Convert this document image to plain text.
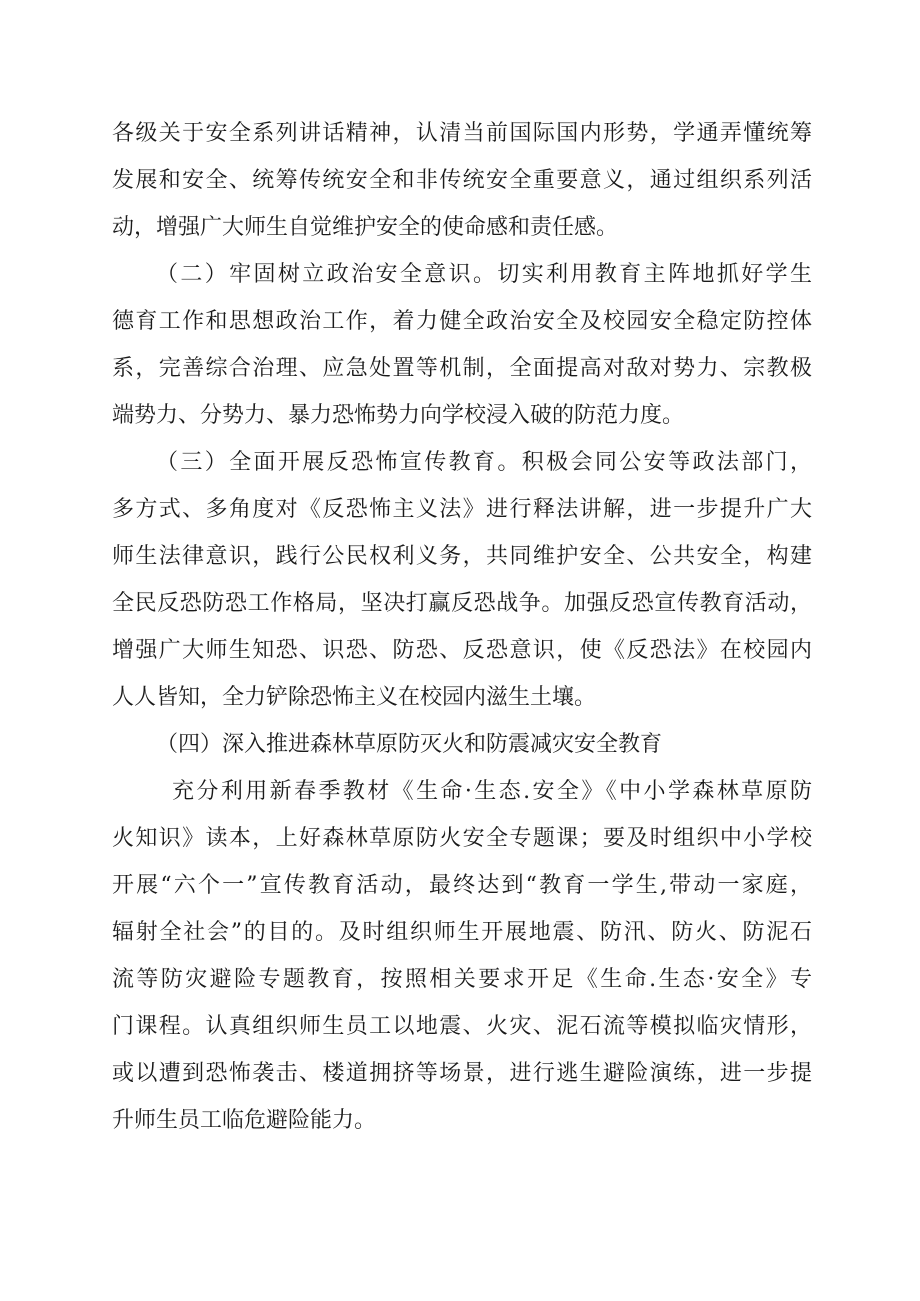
各级关于安全系列讲话精神，认清当前国际国内形势，学通弄懂统筹
发展和安全、统筹传统安全和非传统安全重要意义，通过组织系列活
动，增强广大师生自觉维护安全的使命感和责任感。
（二）牢固树立政治安全意识。切实利用教育主阵地抓好学生
德育工作和思想政治工作，着力健全政治安全及校园安全稳定防控体
系，完善综合治理、应急处置等机制，全面提高对敌对势力、宗教极
端势力、分势力、暴力恐怖势力向学校浸入破的防范力度。
（三）全面开展反恐怖宣传教育。积极会同公安等政法部门，
多方式、多角度对《反恐怖主义法》进行释法讲解，进一步提升广大
师生法律意识，践行公民权利义务，共同维护安全、公共安全，构建
全民反恐防恐工作格局，坚决打赢反恐战争。加强反恐宣传教育活动，
增强广大师生知恐、识恐、防恐、反恐意识，使《反恐法》在校园内
人人皆知，全力铲除恐怖主义在校园内滋生土壤。
（四）深入推进森林草原防灭火和防震减灾安全教育
充分利用新春季教材《生命·生态.安全》《中小学森林草原防
火知识》读本，上好森林草原防火安全专题课；要及时组织中小学校
开展“六个一”宣传教育活动，最终达到“教育一学生,带动一家庭，
辐射全社会”的目的。及时组织师生开展地震、防汛、防火、防泥石
流等防灾避险专题教育，按照相关要求开足《生命.生态·安全》专
门课程。认真组织师生员工以地震、火灾、泥石流等模拟临灾情形，
或以遭到恐怖袭击、楼道拥挤等场景，进行逃生避险演练，进一步提
升师生员工临危避险能力。
